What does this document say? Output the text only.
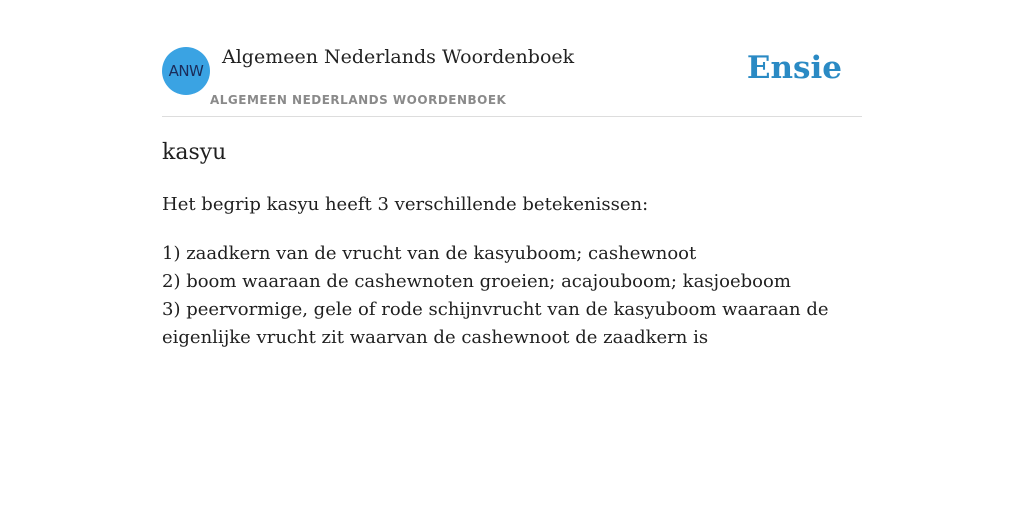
ANW
Algemeen Nederlands Woordenboek
ALGEMEEN NEDERLANDS WOORDENBOEK
Ensie
kasyu
Het begrip kasyu heeft 3 verschillende betekenissen:
1) zaadkern van de vrucht van de kasyuboom; cashewnoot
2) boom waaraan de cashewnoten groeien; acajouboom; kasjoeboom
3) peervormige, gele of rode schijnvrucht van de kasyuboom waaraan de eigenlijke vrucht zit waarvan de cashewnoot de zaadkern is
